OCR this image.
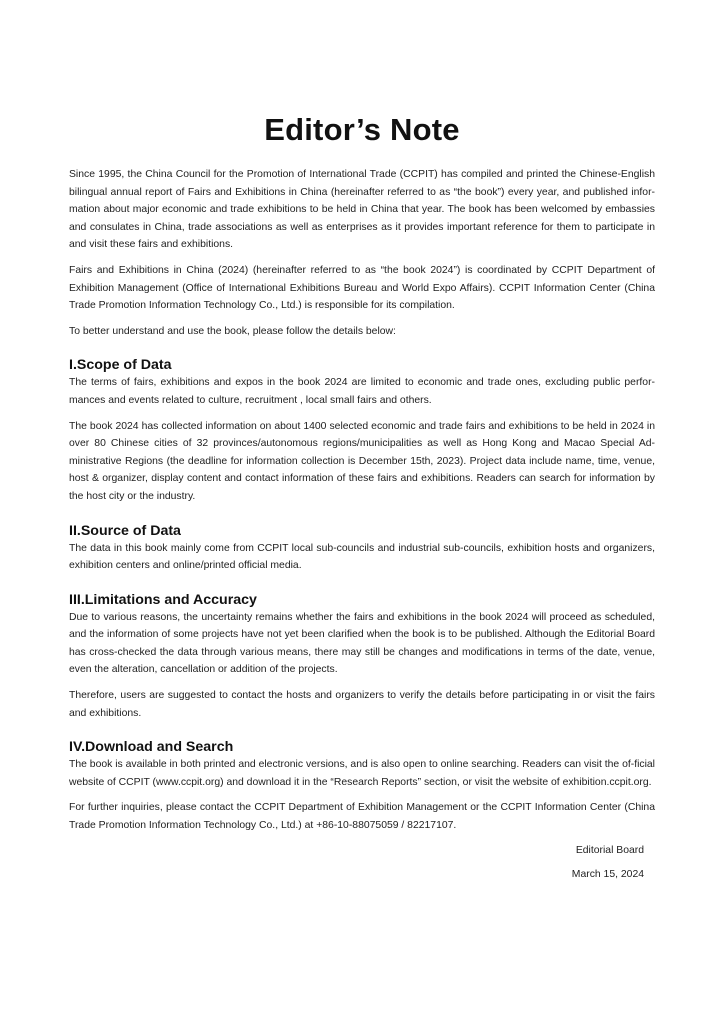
Editor’s Note

Since 1995, the China Council for the Promotion of International Trade (CCPIT) has compiled and printed the Chinese-English bilingual annual report of Fairs and Exhibitions in China (hereinafter referred to as “the book”) every year, and published infor-mation about major economic and trade exhibitions to be held in China that year. The book has been welcomed by embassies and consulates in China, trade associations as well as enterprises as it provides important reference for them to participate in and visit these fairs and exhibitions.

Fairs and Exhibitions in China (2024) (hereinafter referred to as “the book 2024”) is coordinated by CCPIT Department of Exhibition Management (Office of International Exhibitions Bureau and World Expo Affairs). CCPIT Information Center (China Trade Promotion Information Technology Co., Ltd.) is responsible for its compilation.

To better understand and use the book, please follow the details below:

I.Scope of Data

The terms of fairs, exhibitions and expos in the book 2024 are limited to economic and trade ones, excluding public perfor-mances and events related to culture, recruitment , local small fairs and others.

The book 2024 has collected information on about 1400 selected economic and trade fairs and exhibitions to be held in 2024 in over 80 Chinese cities of 32 provinces/autonomous regions/municipalities as well as Hong Kong and Macao Special Ad-ministrative Regions (the deadline for information collection is December 15th, 2023). Project data include name, time, venue, host & organizer, display content and contact information of these fairs and exhibitions. Readers can search for information by the host city or the industry.

II.Source of Data

The data in this book mainly come from CCPIT local sub-councils and industrial sub-councils, exhibition hosts and organizers, exhibition centers and online/printed official media.

III.Limitations and Accuracy

Due to various reasons, the uncertainty remains whether the fairs and exhibitions in the book 2024 will proceed as scheduled, and the information of some projects have not yet been clarified when the book is to be published. Although the Editorial Board has cross-checked the data through various means, there may still be changes and modifications in terms of the date, venue, even the alteration, cancellation or addition of the projects.

Therefore, users are suggested to contact the hosts and organizers to verify the details before participating in or visit the fairs and exhibitions.

IV.Download and Search

The book is available in both printed and electronic versions, and is also open to online searching. Readers can visit the of-ficial website of CCPIT (www.ccpit.org) and download it in the “Research Reports” section, or visit the website of exhibition.ccpit.org.

For further inquiries, please contact the CCPIT Department of Exhibition Management or the CCPIT Information Center (China Trade Promotion Information Technology Co., Ltd.) at +86-10-88075059 / 82217107.

Editorial Board
March 15, 2024
